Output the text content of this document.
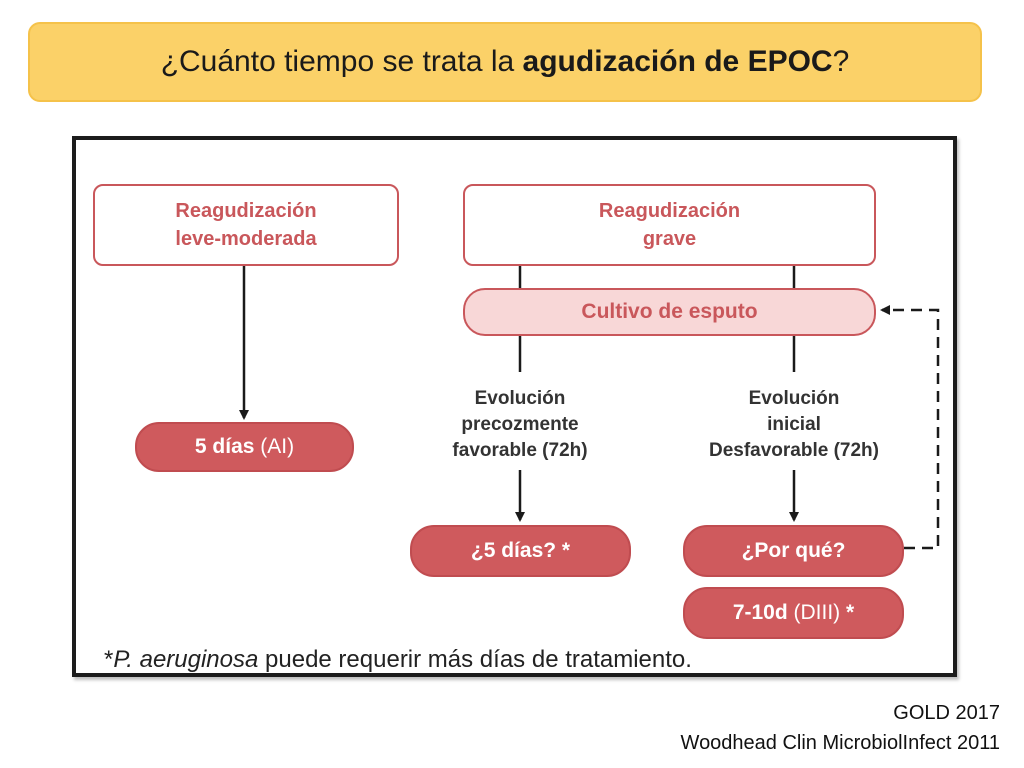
¿Cuánto tiempo se trata la agudización de EPOC ?
Reagudización
leve-moderada
Reagudización
grave
Cultivo de esputo
5 días (AI)
Evolución
precozmente
favorable (72h)
Evolución
inicial
Desfavorable (72h)
¿5 días? *	¿Por qué?
7-10d (DIII) *
*P. aeruginosa puede requerir más días de tratamiento.
GOLD 2017
Woodhead Clin MicrobiolInfect 2011
